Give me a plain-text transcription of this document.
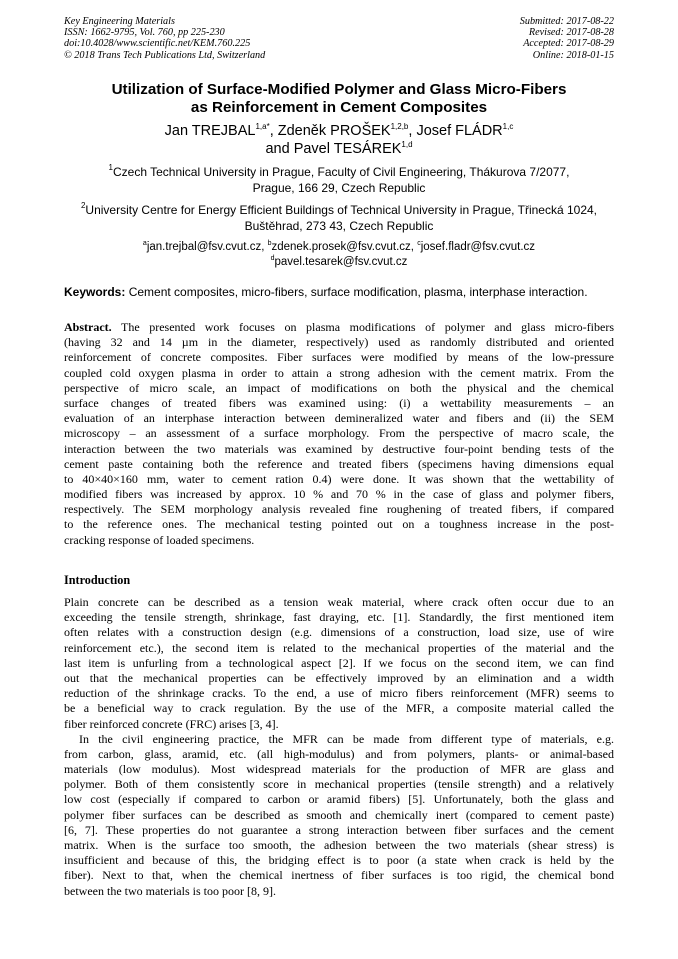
Key Engineering Materials
ISSN: 1662-9795, Vol. 760, pp 225-230
doi:10.4028/www.scientific.net/KEM.760.225
© 2018 Trans Tech Publications Ltd, Switzerland
Submitted: 2017-08-22
Revised: 2017-08-28
Accepted: 2017-08-29
Online: 2018-01-15
Utilization of Surface-Modified Polymer and Glass Micro-Fibers
as Reinforcement in Cement Composites
Jan $TREJBAL^{1,a*}$, Zdeněk PROŠEK$^{1,2,b}$, Josef FLÁDR$^{1,c}$
and Pavel TESÁREK$^{1,d}$
$^1$Czech Technical University in Prague, Faculty of Civil Engineering, Thákurova 7/2077,
Prague, 166 29, Czech Republic
$^2$University Centre for Energy Efficient Buildings of Technical University in Prague, Třinecká 1024,
Buštěhrad, 273 43, Czech Republic
$^a$jan.trejbal@fsv.cvut.cz, $^b$zdenek.prosek@fsv.cvut.cz, $^c$josef.fladr@fsv.cvut.cz
$^d$pavel.tesarek@fsv.cvut.cz
Keywords: Cement composites, micro-fibers, surface modification, plasma, interphase interaction.
Abstract. The presented work focuses on plasma modifications of polymer and glass micro-fibers
(having 32 and 14 µm in the diameter, respectively) used as randomly distributed and oriented
reinforcement of concrete composites. Fiber surfaces were modified by means of the low-pressure
coupled cold oxygen plasma in order to attain a strong adhesion with the cement matrix. From the
perspective of micro scale, an impact of modifications on both the physical and the chemical
surface changes of treated fibers was examined using: (i) a wettability measurements – an
evaluation of an interphase interaction between demineralized water and fibers and (ii) the SEM
microscopy – an assessment of a surface morphology. From the perspective of macro scale, the
interaction between the two materials was examined by destructive four-point bending tests of the
cement paste containing both the reference and treated fibers (specimens having dimensions equal
to 40×40×160 mm, water to cement ration 0.4) were done. It was shown that the wettability of
modified fibers was increased by approx. 10 % and 70 % in the case of glass and polymer fibers,
respectively. The SEM morphology analysis revealed fine roughening of treated fibers, if compared
to the reference ones. The mechanical testing pointed out on a toughness increase in the post-
cracking response of loaded specimens.
Introduction
Plain concrete can be described as a tension weak material, where crack often occur due to an
exceeding the tensile strength, shrinkage, fast draying, etc. [1]. Standardly, the first mentioned item
often relates with a construction design (e.g. dimensions of a construction, load size, use of wire
reinforcement etc.), the second item is related to the mechanical properties of the material and the
last item is unfurling from a technological aspect [2]. If we focus on the second item, we can find
out that the mechanical properties can be effectively improved by an elimination and a width
reduction of the shrinkage cracks. To the end, a use of micro fibers reinforcement (MFR) seems to
be a beneficial way to crack regulation. By the use of the MFR, a composite material called the
fiber reinforced concrete (FRC) arises [3, 4].
In the civil engineering practice, the MFR can be made from different type of materials, e.g.
from carbon, glass, aramid, etc. (all high-modulus) and from polymers, plants- or animal-based
materials (low modulus). Most widespread materials for the production of MFR are glass and
polymer. Both of them consistently score in mechanical properties (tensile strength) and a relatively
low cost (especially if compared to carbon or aramid fibers) [5]. Unfortunately, both the glass and
polymer fiber surfaces can be described as smooth and chemically inert (compared to cement paste)
[6, 7]. These properties do not guarantee a strong interaction between fiber surfaces and the cement
matrix. When is the surface too smooth, the adhesion between the two materials (shear stress) is
insufficient and because of this, the bridging effect is to poor (a state when crack is held by the
fiber). Next to that, when the chemical inertness of fiber surfaces is too rigid, the chemical bond
between the two materials is too poor [8, 9].
